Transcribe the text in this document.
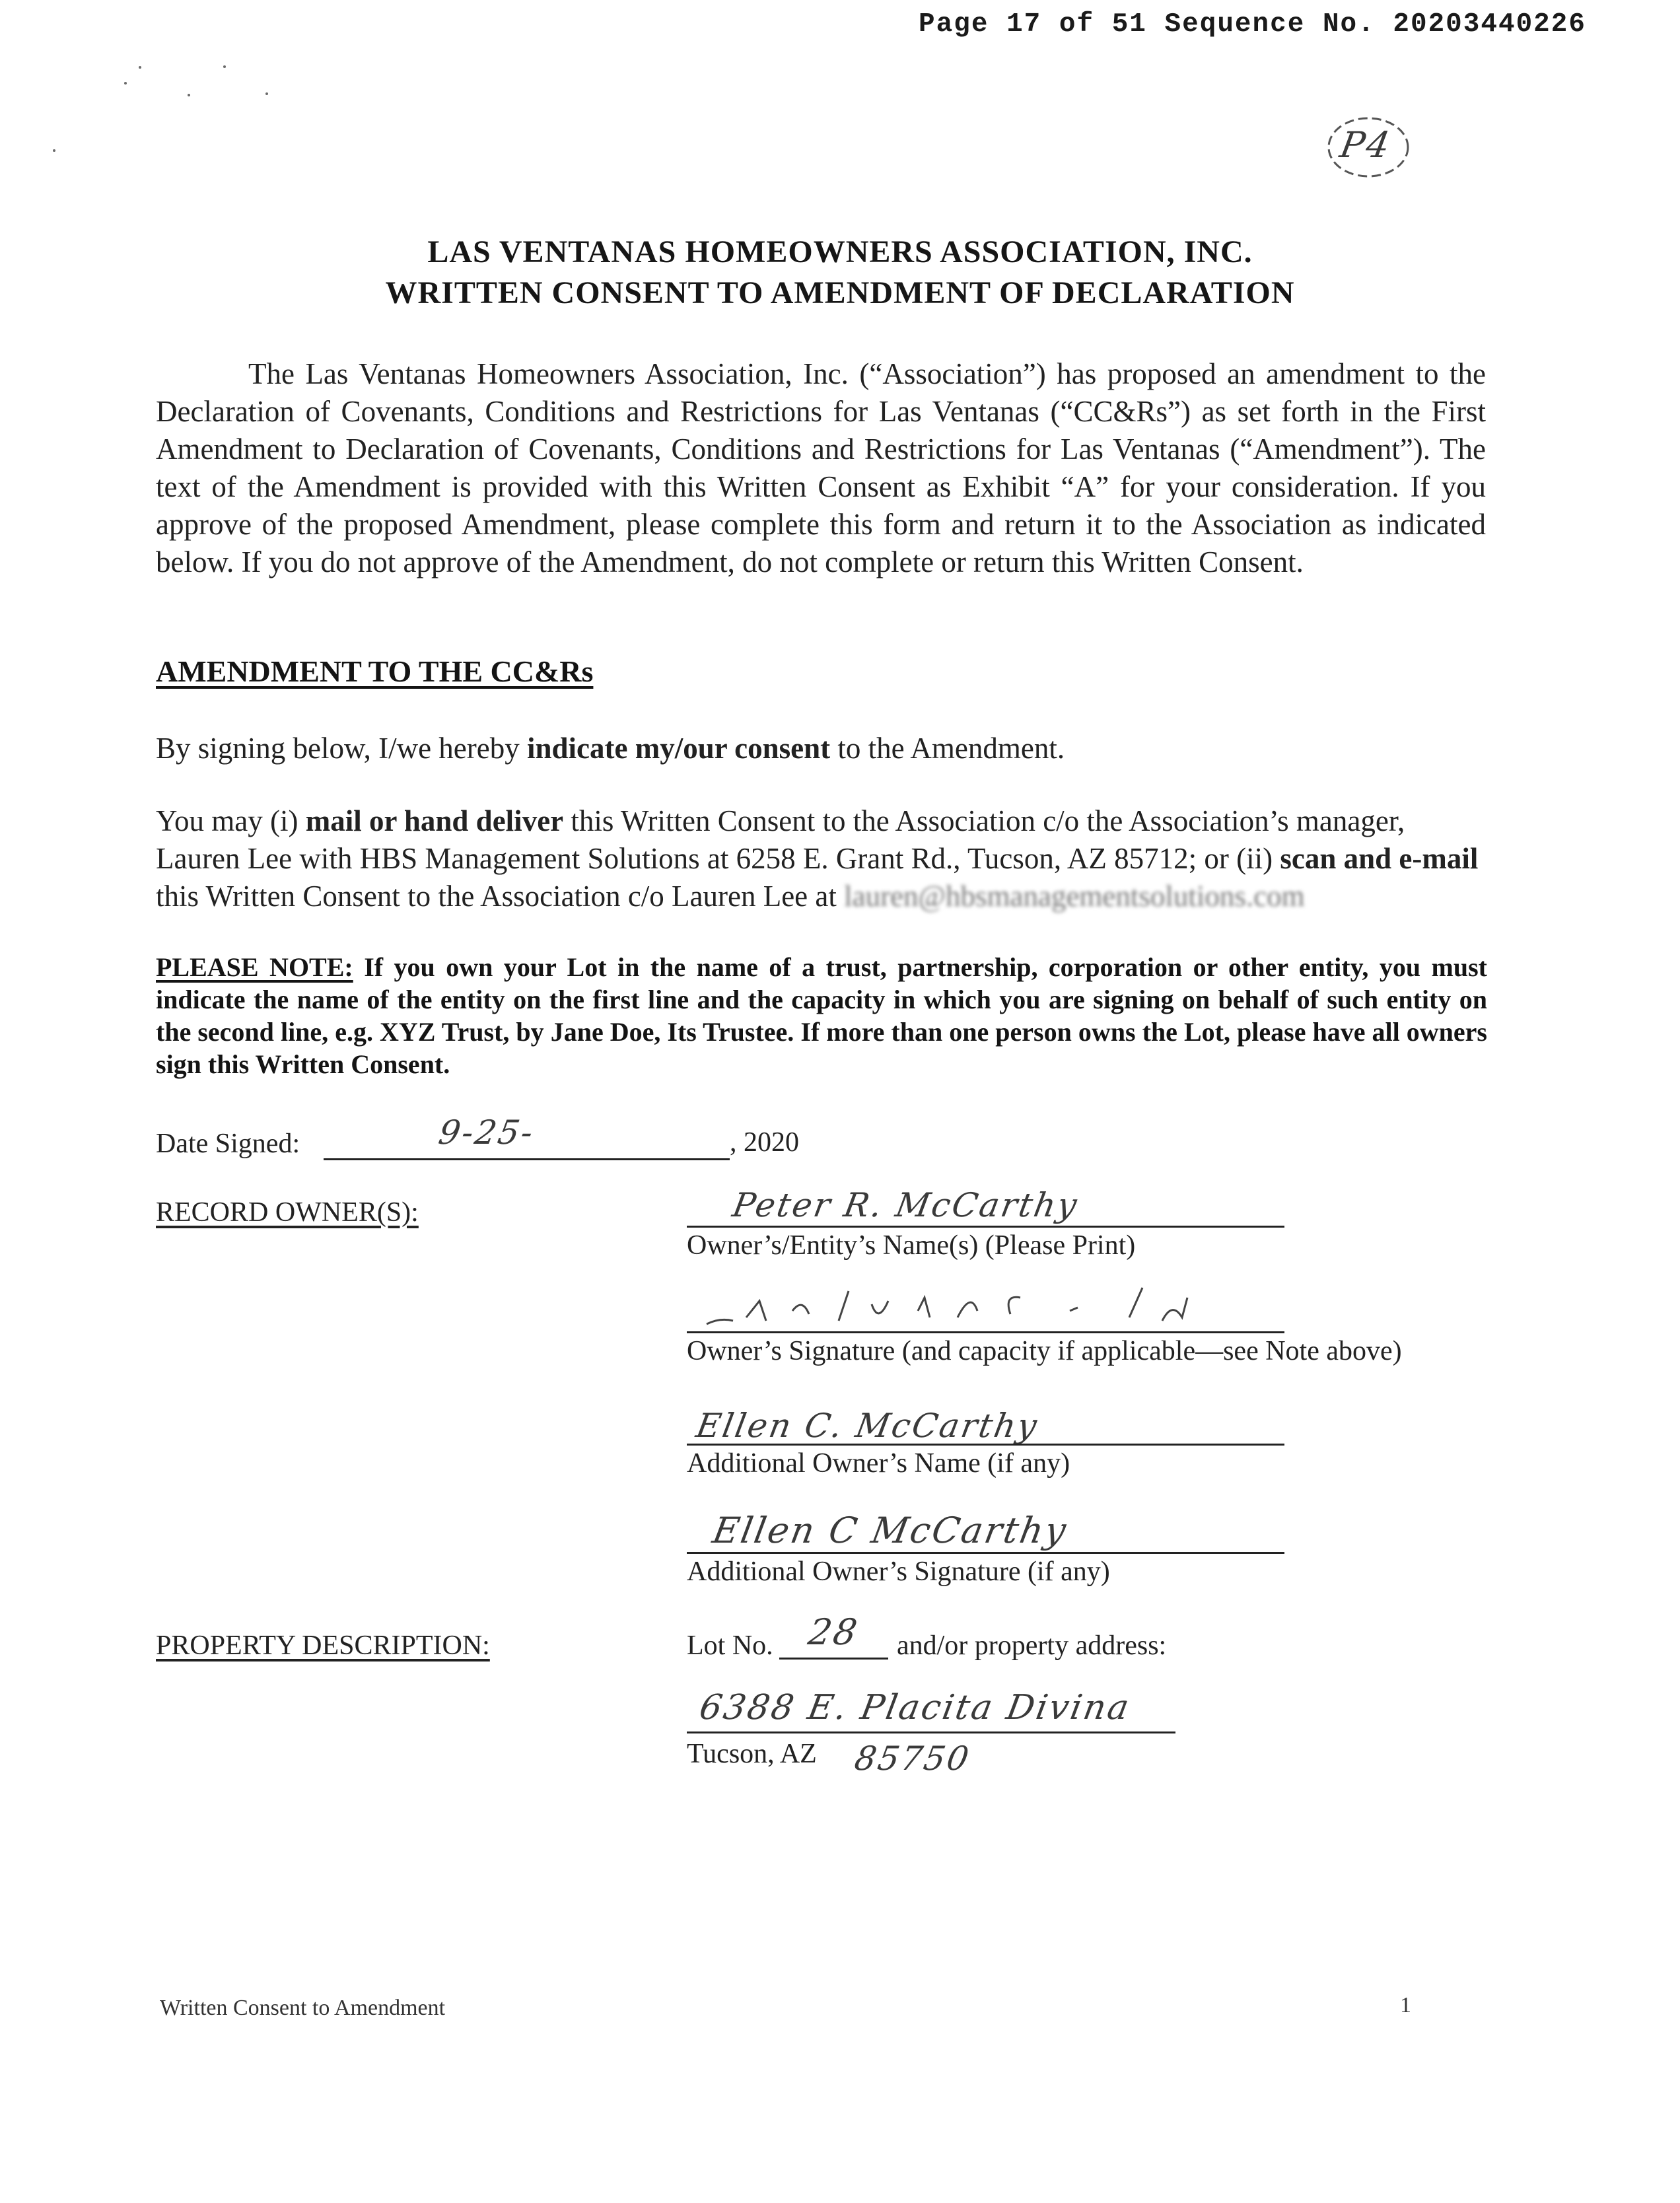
Page 17 of 51 Sequence No. 20203440226
P4
LAS VENTANAS HOMEOWNERS ASSOCIATION, INC.
WRITTEN CONSENT TO AMENDMENT OF DECLARATION
The Las Ventanas Homeowners Association, Inc. (“Association”) has proposed an amendment to the Declaration of Covenants, Conditions and Restrictions for Las Ventanas (“CC&Rs”) as set forth in the First Amendment to Declaration of Covenants, Conditions and Restrictions for Las Ventanas (“Amendment”). The text of the Amendment is provided with this Written Consent as Exhibit “A” for your consideration. If you approve of the proposed Amendment, please complete this form and return it to the Association as indicated below. If you do not approve of the Amendment, do not complete or return this Written Consent.
AMENDMENT TO THE CC&Rs
By signing below, I/we hereby indicate my/our consent to the Amendment.
You may (i) mail or hand deliver this Written Consent to the Association c/o the Association’s manager, Lauren Lee with HBS Management Solutions at 6258 E. Grant Rd., Tucson, AZ 85712; or (ii) scan and e-mail this Written Consent to the Association c/o Lauren Lee at lauren@hbsmanagementsolutions.com
PLEASE NOTE: If you own your Lot in the name of a trust, partnership, corporation or other entity, you must indicate the name of the entity on the first line and the capacity in which you are signing on behalf of such entity on the second line, e.g. XYZ Trust, by Jane Doe, Its Trustee. If more than one person owns the Lot, please have all owners sign this Written Consent.
Date Signed:	9-25-	, 2020
RECORD OWNER(S):	Peter R. McCarthy
Owner’s/Entity’s Name(s) (Please Print)
Owner’s Signature (and capacity if applicable—see Note above)
Ellen C. McCarthy
Additional Owner’s Name (if any)
Ellen C McCarthy
Additional Owner’s Signature (if any)
PROPERTY DESCRIPTION:	Lot No. 28 and/or property address:
6388 E. Placita Divina
Tucson, AZ 85750
Written Consent to Amendment	1
